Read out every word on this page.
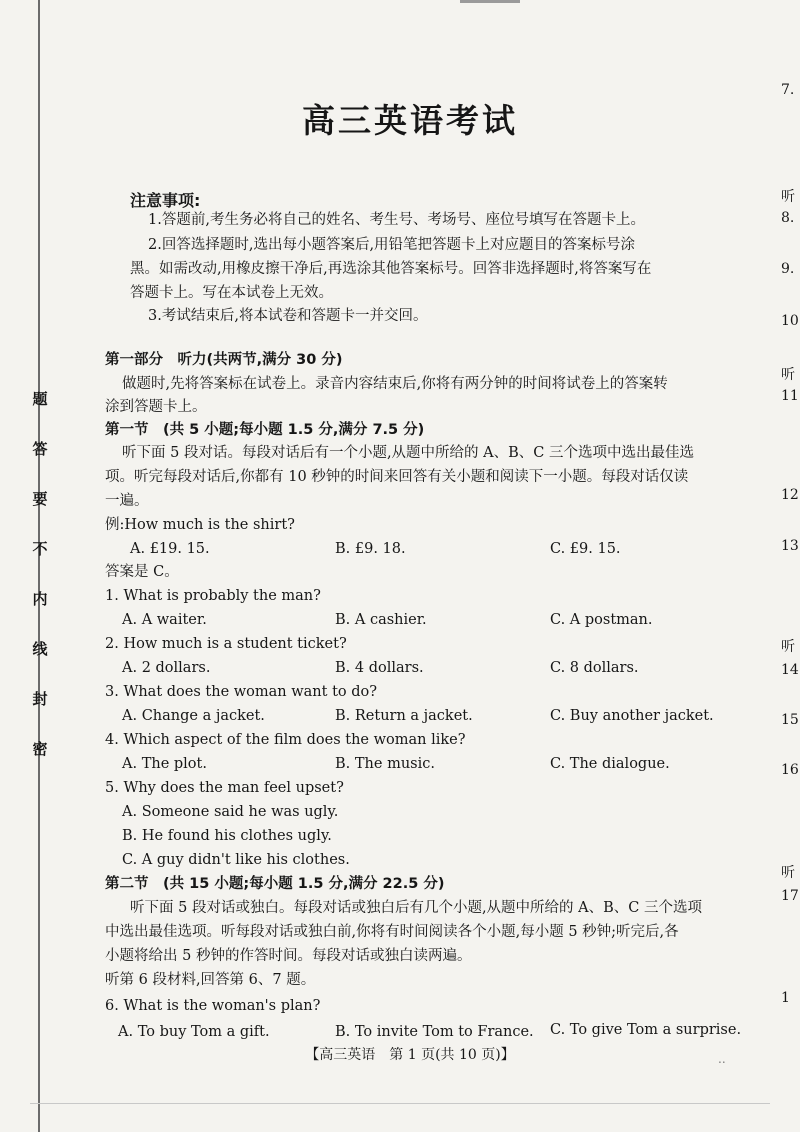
题
答
要
不
内
线
封
密
7.
听
8.
9.
10
听
11
12
13
听
14
15
16
听
17
1
高三英语考试
注意事项:
1.答题前,考生务必将自己的姓名、考生号、考场号、座位号填写在答题卡上。
2.回答选择题时,选出每小题答案后,用铅笔把答题卡上对应题目的答案标号涂
黑。如需改动,用橡皮擦干净后,再选涂其他答案标号。回答非选择题时,将答案写在
答题卡上。写在本试卷上无效。
3.考试结束后,将本试卷和答题卡一并交回。
第一部分　听力(共两节,满分 30 分)
做题时,先将答案标在试卷上。录音内容结束后,你将有两分钟的时间将试卷上的答案转
涂到答题卡上。
第一节　(共 5 小题;每小题 1.5 分,满分 7.5 分)
听下面 5 段对话。每段对话后有一个小题,从题中所给的 A、B、C 三个选项中选出最佳选
项。听完每段对话后,你都有 10 秒钟的时间来回答有关小题和阅读下一小题。每段对话仅读
一遍。
例:How much is the shirt?
A. £19. 15.	B. £9. 18.	C. £9. 15.
答案是 C。
1. What is probably the man?
A. A waiter.	B. A cashier.	C. A postman.
2. How much is a student ticket?
A. 2 dollars.	B. 4 dollars.	C. 8 dollars.
3. What does the woman want to do?
A. Change a jacket.	B. Return a jacket.	C. Buy another jacket.
4. Which aspect of the film does the woman like?
A. The plot.	B. The music.	C. The dialogue.
5. Why does the man feel upset?
A. Someone said he was ugly.
B. He found his clothes ugly.
C. A guy didn't like his clothes.
第二节　(共 15 小题;每小题 1.5 分,满分 22.5 分)
听下面 5 段对话或独白。每段对话或独白后有几个小题,从题中所给的 A、B、C 三个选项
中选出最佳选项。听每段对话或独白前,你将有时间阅读各个小题,每小题 5 秒钟;听完后,各
小题将给出 5 秒钟的作答时间。每段对话或独白读两遍。
听第 6 段材料,回答第 6、7 题。
6. What is the woman's plan?
A. To buy Tom a gift.	B. To invite Tom to France. C. To give Tom a surprise.
【高三英语　第 1 页(共 10 页)】	..
